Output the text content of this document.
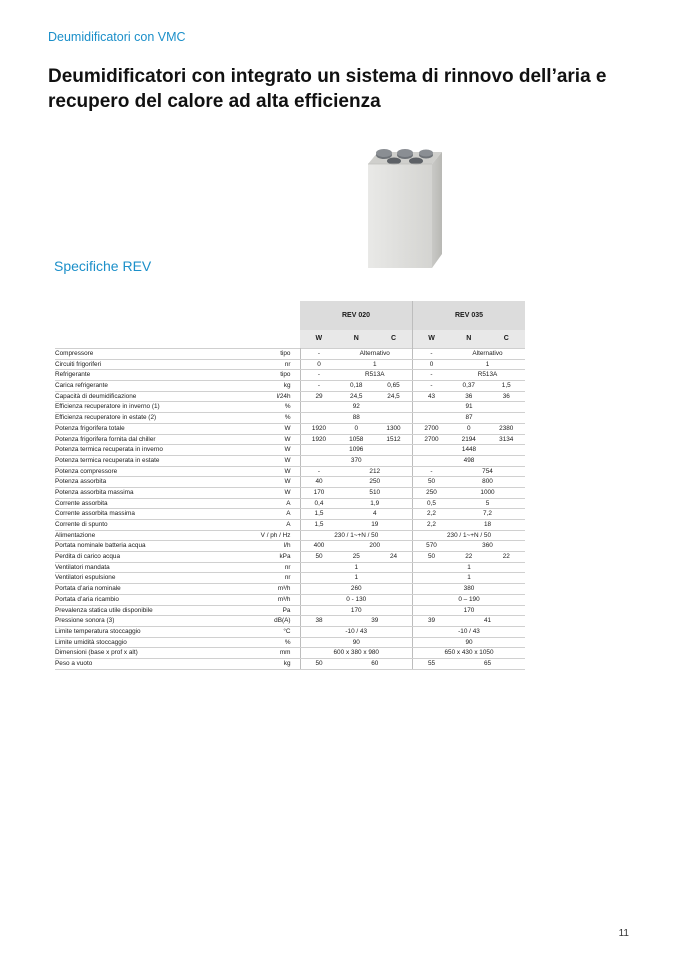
Deumidificatori con VMC
Deumidificatori con integrato un sistema di rinnovo dell’aria e recupero del calore ad alta efficienza
Specifiche REV
		REV 020			REV 035		
		W	N	C	W	N	C
Compressore	tipo	-	Alternativo		-	Alternativo	
Circuiti frigoriferi	nr	0	1		0	1	
Refrigerante	tipo	-	R513A		-	R513A	
Carica refrigerante	kg	-	0,18	0,65	-	0,37	1,5
Capacità di deumidificazione	l/24h	29	24,5	24,5	43	36	36
Efficienza recuperatore in inverno (1)	%	92			91		
Efficienza recuperatore in estate (2)	%	88			87		
Potenza frigorifera totale	W	1920	0	1300	2700	0	2380
Potenza frigorifera fornita dal chiller	W	1920	1058	1512	2700	2194	3134
Potenza termica recuperata in inverno	W	1096			1448		
Potenza termica recuperata in estate	W	370			498		
Potenza compressore	W	-	212		-	754	
Potenza assorbita	W	40	250		50	800	
Potenza assorbita massima	W	170	510		250	1000	
Corrente assorbita	A	0,4	1,9		0,5	5	
Corrente assorbita massima	A	1,5	4		2,2	7,2	
Corrente di spunto	A	1,5	19		2,2	18	
Alimentazione	V / ph / Hz	230 / 1~+N / 50			230 / 1~+N / 50		
Portata nominale batteria acqua	l/h	400	200		570	360	
Perdita di carico acqua	kPa	50	25	24	50	22	22
Ventilatori mandata	nr	1			1		
Ventilatori espulsione	nr	1			1		
Portata d’aria nominale	m³/h	260			380		
Portata d’aria ricambio	m³/h	0 - 130			0 – 190		
Prevalenza statica utile disponibile	Pa	170			170		
Pressione sonora (3)	dB(A)	38	39		39	41	
Limite temperatura stoccaggio	°C	-10 / 43			-10 / 43		
Limite umidità stoccaggio	%	90			90		
Dimensioni (base x prof x alt)	mm	600 x 380 x 980			650 x 430 x 1050		
Peso a vuoto	kg	50	60		55	65	
11
